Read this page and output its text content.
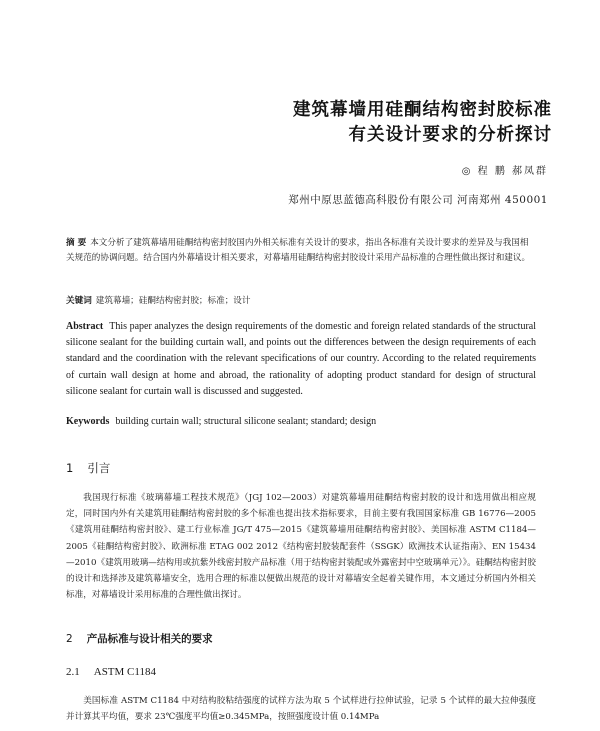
建筑幕墙用硅酮结构密封胶标准
有关设计要求的分析探讨
◎ 程 鹏 郝凤群
郑州中原思蓝德高科股份有限公司 河南郑州 450001

摘 要 本文分析了建筑幕墙用硅酮结构密封胶国内外相关标准有关设计的要求，指出各标准有关设计要求的差异及与我国相关规范的协调问题。结合国内外幕墙设计相关要求，对幕墙用硅酮结构密封胶设计采用产品标准的合理性做出探讨和建议。

关键词 建筑幕墙；硅酮结构密封胶；标准；设计

Abstract This paper analyzes the design requirements of the domestic and foreign related standards of the structural silicone sealant for the building curtain wall, and points out the differences between the design requirements of each standard and the coordination with the relevant specifications of our country. According to the related requirements of curtain wall design at home and abroad, the rationality of adopting product standard for design of structural silicone sealant for curtain wall is discussed and suggested.

Keywords building curtain wall; structural silicone sealant; standard; design

1 引言

我国现行标准《玻璃幕墙工程技术规范》（JGJ 102—2003）对建筑幕墙用硅酮结构密封胶的设计和选用做出相应规定，同时国内外有关建筑用硅酮结构密封胶的多个标准也提出技术指标要求，目前主要有我国国家标准 GB 16776—2005《建筑用硅酮结构密封胶》、建工行业标准 JG/T 475—2015《建筑幕墙用硅酮结构密封胶》、美国标准 ASTM C1184—2005《硅酮结构密封胶》、欧洲标准 ETAG 002 2012《结构密封胶装配套件（SSGK）欧洲技术认证指南》、EN 15434—2010《建筑用玻璃—结构用或抗紫外线密封胶产品标准（用于结构密封装配或外露密封中空玻璃单元）》。硅酮结构密封胶的设计和选择涉及建筑幕墙安全，选用合理的标准以便做出规范的设计对幕墙安全起着关键作用，本文通过分析国内外相关标准，对幕墙设计采用标准的合理性做出探讨。

2 产品标准与设计相关的要求
2.1 ASTM C1184

美国标准 ASTM C1184 中对结构胶粘结强度的试样方法为取 5 个试样进行拉伸试验，记录 5 个试样的最大拉伸强度并计算其平均值，要求 23℃强度平均值≥0.345MPa，按照强度设计值 0.14MPa
